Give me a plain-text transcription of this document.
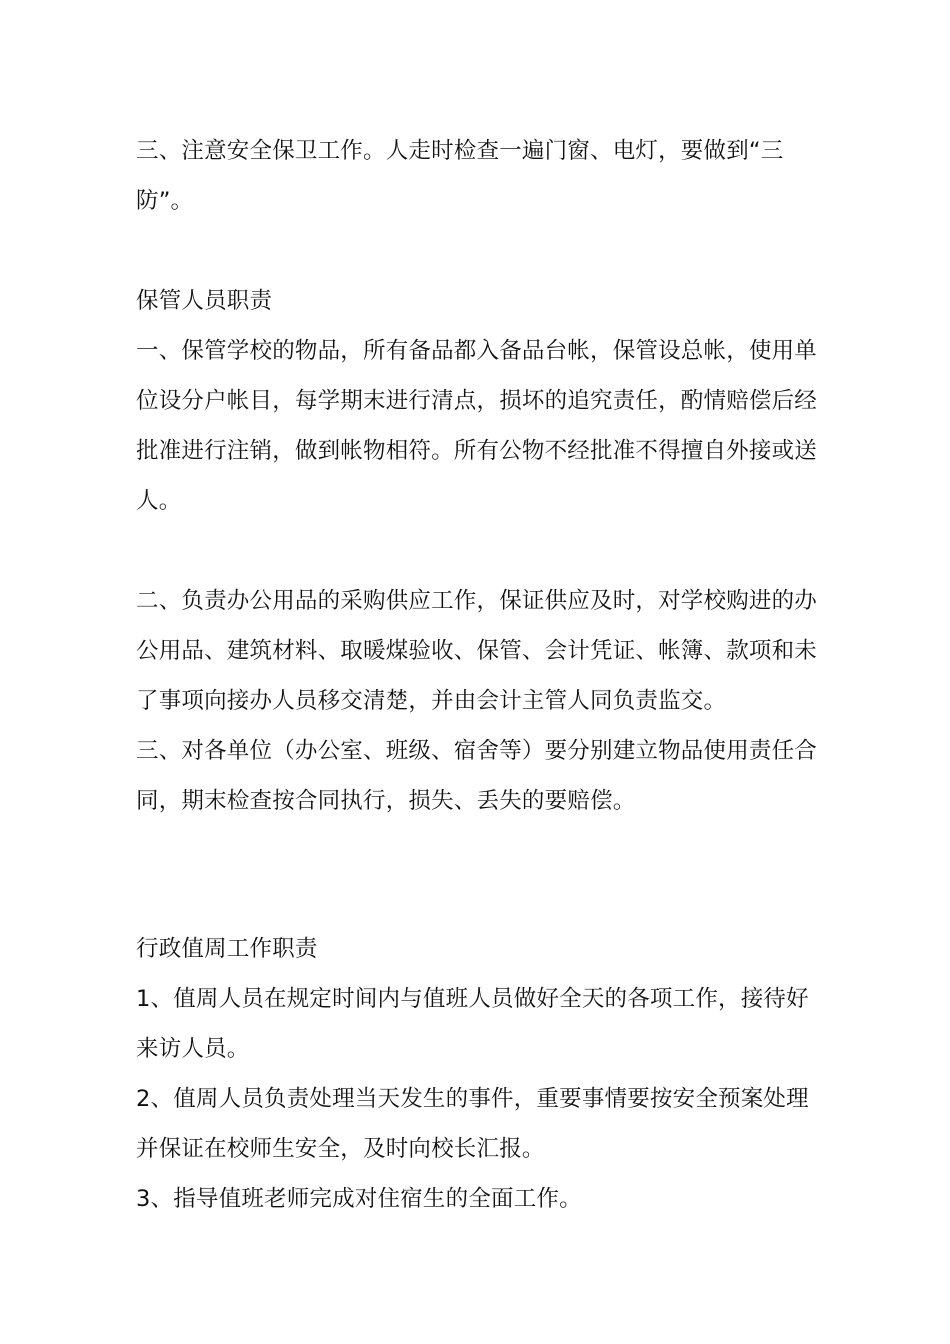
三、注意安全保卫工作。人走时检查一遍门窗、电灯，要做到“三
防”。
保管人员职责
一、保管学校的物品，所有备品都入备品台帐，保管设总帐，使用单
位设分户帐目，每学期末进行清点，损坏的追究责任，酌情赔偿后经
批准进行注销，做到帐物相符。所有公物不经批准不得擅自外接或送
人。
二、负责办公用品的采购供应工作，保证供应及时，对学校购进的办
公用品、建筑材料、取暖煤验收、保管、会计凭证、帐簿、款项和未
了事项向接办人员移交清楚，并由会计主管人同负责监交。
三、对各单位（办公室、班级、宿舍等）要分别建立物品使用责任合
同，期末检查按合同执行，损失、丢失的要赔偿。
行政值周工作职责
1、值周人员在规定时间内与值班人员做好全天的各项工作，接待好
来访人员。
2、值周人员负责处理当天发生的事件，重要事情要按安全预案处理
并保证在校师生安全，及时向校长汇报。
3、指导值班老师完成对住宿生的全面工作。
